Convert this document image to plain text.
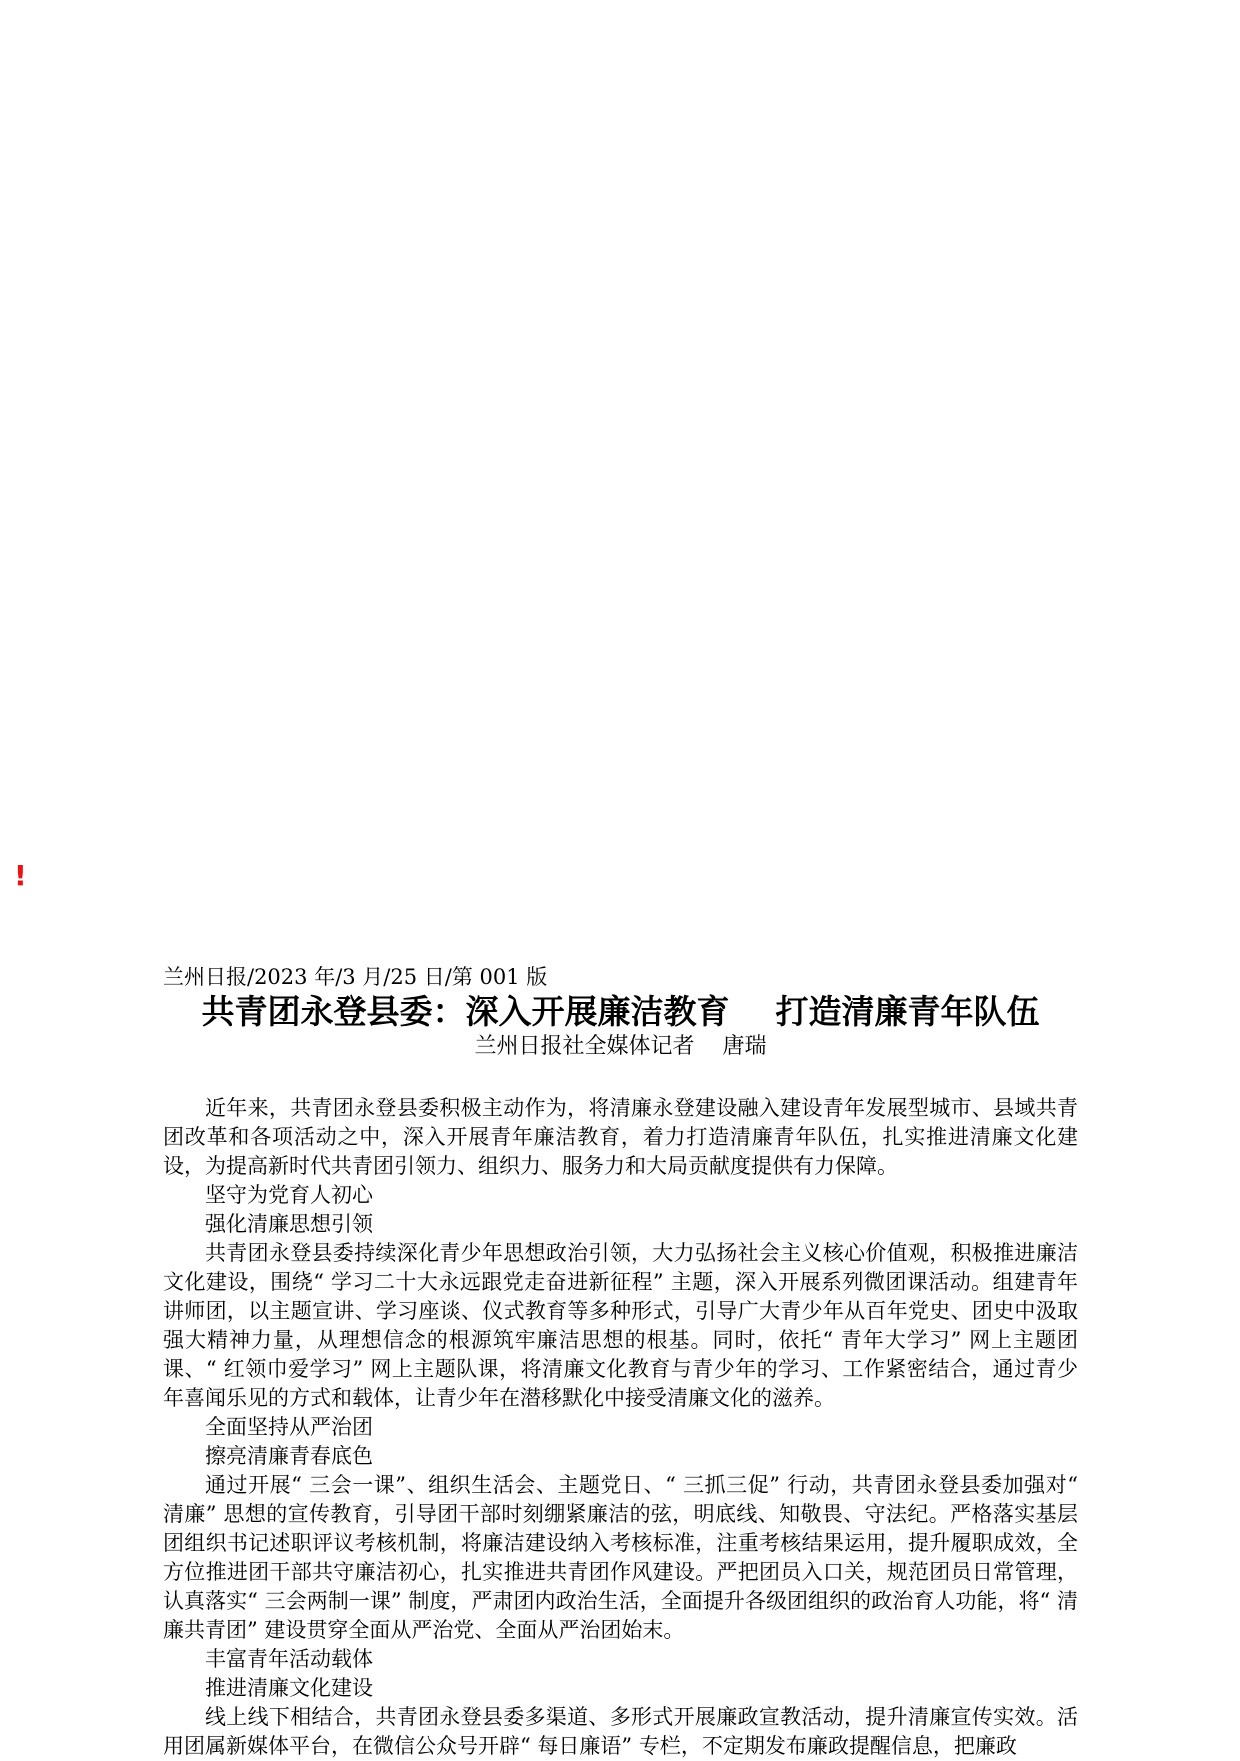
!

兰州日报/2023 年/3 月/25 日/第 001 版

共青团永登县委：深入开展廉洁教育    打造清廉青年队伍

兰州日报社全媒体记者    唐瑞

近年来，共青团永登县委积极主动作为，将清廉永登建设融入建设青年发展型城市、县域共青团改革和各项活动之中，深入开展青年廉洁教育，着力打造清廉青年队伍，扎实推进清廉文化建设，为提高新时代共青团引领力、组织力、服务力和大局贡献度提供有力保障。

坚守为党育人初心

强化清廉思想引领

共青团永登县委持续深化青少年思想政治引领，大力弘扬社会主义核心价值观，积极推进廉洁文化建设，围绕“ 学习二十大永远跟党走奋进新征程” 主题，深入开展系列微团课活动。组建青年讲师团，以主题宣讲、学习座谈、仪式教育等多种形式，引导广大青少年从百年党史、团史中汲取强大精神力量，从理想信念的根源筑牢廉洁思想的根基。同时，依托“ 青年大学习” 网上主题团课、“ 红领巾爱学习” 网上主题队课，将清廉文化教育与青少年的学习、工作紧密结合，通过青少年喜闻乐见的方式和载体，让青少年在潜移默化中接受清廉文化的滋养。

全面坚持从严治团

擦亮清廉青春底色

通过开展“ 三会一课”、组织生活会、主题党日、“ 三抓三促” 行动，共青团永登县委加强对“ 清廉” 思想的宣传教育，引导团干部时刻绷紧廉洁的弦，明底线、知敬畏、守法纪。严格落实基层团组织书记述职评议考核机制，将廉洁建设纳入考核标准，注重考核结果运用，提升履职成效，全方位推进团干部共守廉洁初心，扎实推进共青团作风建设。严把团员入口关，规范团员日常管理，认真落实“ 三会两制一课” 制度，严肃团内政治生活，全面提升各级团组织的政治育人功能，将“ 清廉共青团” 建设贯穿全面从严治党、全面从严治团始末。

丰富青年活动载体

推进清廉文化建设

线上线下相结合，共青团永登县委多渠道、多形式开展廉政宣教活动，提升清廉宣传实效。活用团属新媒体平台，在微信公众号开辟“ 每日廉语” 专栏，不定期发布廉政提醒信息，把廉政
